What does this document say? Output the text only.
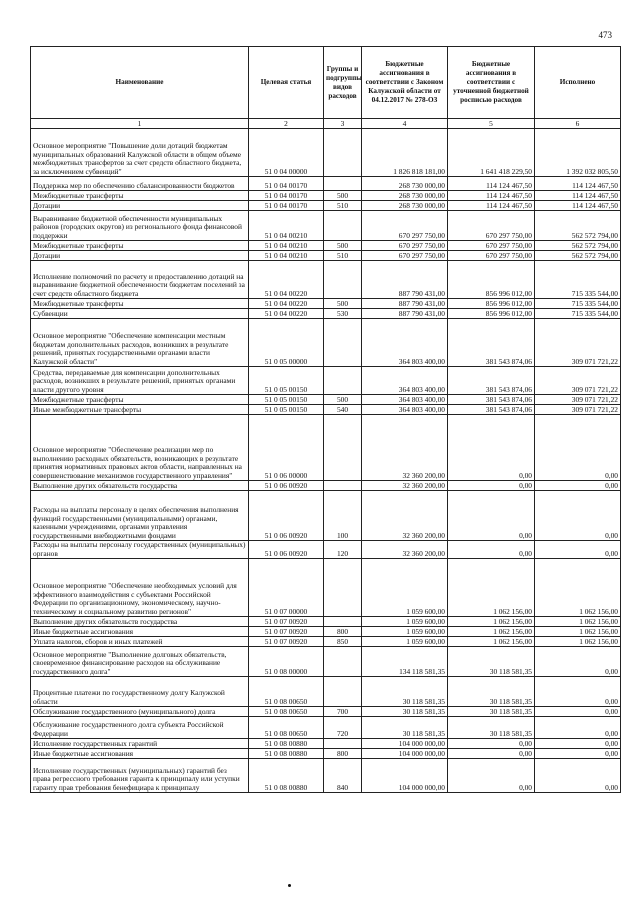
473
Наименование	Целевая статья	Группы и подгруппы видов расходов	Бюджетные ассигнования в соответствии с Законом Калужской области от 04.12.2017 № 278-ОЗ	Бюджетные ассигнования в соответствии с уточненной бюджетной росписью расходов	Исполнено
1	2	3	4	5	6
Основное мероприятие "Повышение доли дотаций бюджетам муниципальных образований Калужской области в общем объеме межбюджетных трансфертов за счет средств областного бюджета, за исключением субвенций"	51 0 04 00000		1 826 818 181,00	1 641 418 229,50	1 392 032 805,50
Поддержка мер по обеспечению сбалансированности бюджетов	51 0 04 00170		268 730 000,00	114 124 467,50	114 124 467,50
Межбюджетные трансферты	51 0 04 00170	500	268 730 000,00	114 124 467,50	114 124 467,50
Дотации	51 0 04 00170	510	268 730 000,00	114 124 467,50	114 124 467,50
Выравнивание бюджетной обеспеченности муниципальных районов (городских округов) из регионального фонда финансовой поддержки	51 0 04 00210		670 297 750,00	670 297 750,00	562 572 794,00
Межбюджетные трансферты	51 0 04 00210	500	670 297 750,00	670 297 750,00	562 572 794,00
Дотации	51 0 04 00210	510	670 297 750,00	670 297 750,00	562 572 794,00
Исполнение полномочий по расчету и предоставлению дотаций на выравнивание бюджетной обеспеченности бюджетам поселений за счет средств областного бюджета	51 0 04 00220		887 790 431,00	856 996 012,00	715 335 544,00
Межбюджетные трансферты	51 0 04 00220	500	887 790 431,00	856 996 012,00	715 335 544,00
Субвенции	51 0 04 00220	530	887 790 431,00	856 996 012,00	715 335 544,00
Основное мероприятие "Обеспечение компенсации местным бюджетам дополнительных расходов, возникших в результате решений, принятых государственными органами власти Калужской области"	51 0 05 00000		364 803 400,00	381 543 874,06	309 071 721,22
Средства, передаваемые для компенсации дополнительных расходов, возникших в результате решений, принятых органами власти другого уровня	51 0 05 00150		364 803 400,00	381 543 874,06	309 071 721,22
Межбюджетные трансферты	51 0 05 00150	500	364 803 400,00	381 543 874,06	309 071 721,22
Иные межбюджетные трансферты	51 0 05 00150	540	364 803 400,00	381 543 874,06	309 071 721,22
Основное мероприятие "Обеспечение реализации мер по выполнению расходных обязательств, возникающих в результате принятия нормативных правовых актов области, направленных на совершенствование механизмов государственного управления"	51 0 06 00000		32 360 200,00	0,00	0,00
Выполнение других обязательств государства	51 0 06 00920		32 360 200,00	0,00	0,00
Расходы на выплаты персоналу в целях обеспечения выполнения функций государственными (муниципальными) органами, казенными учреждениями, органами управления государственными внебюджетными фондами	51 0 06 00920	100	32 360 200,00	0,00	0,00
Расходы на выплаты персоналу государственных (муниципальных) органов	51 0 06 00920	120	32 360 200,00	0,00	0,00
Основное мероприятие "Обеспечение необходимых условий для эффективного взаимодействия с субъектами Российской Федерации по организационному, экономическому, научно-техническому и социальному развитию регионов"	51 0 07 00000		1 059 600,00	1 062 156,00	1 062 156,00
Выполнение других обязательств государства	51 0 07 00920		1 059 600,00	1 062 156,00	1 062 156,00
Иные бюджетные ассигнования	51 0 07 00920	800	1 059 600,00	1 062 156,00	1 062 156,00
Уплата налогов, сборов и иных платежей	51 0 07 00920	850	1 059 600,00	1 062 156,00	1 062 156,00
Основное мероприятие "Выполнение долговых обязательств, своевременное финансирование расходов на обслуживание государственного долга"	51 0 08 00000		134 118 581,35	30 118 581,35	0,00
Процентные платежи по государственному долгу Калужской области	51 0 08 00650		30 118 581,35	30 118 581,35	0,00
Обслуживание государственного (муниципального) долга	51 0 08 00650	700	30 118 581,35	30 118 581,35	0,00
Обслуживание государственного долга субъекта Российской Федерации	51 0 08 00650	720	30 118 581,35	30 118 581,35	0,00
Исполнение государственных гарантий	51 0 08 00880		104 000 000,00	0,00	0,00
Иные бюджетные ассигнования	51 0 08 00880	800	104 000 000,00	0,00	0,00
Исполнение государственных (муниципальных) гарантий без права регрессного требования гаранта к принципалу или уступки гаранту прав требования бенефициара к принципалу	51 0 08 00880	840	104 000 000,00	0,00	0,00
